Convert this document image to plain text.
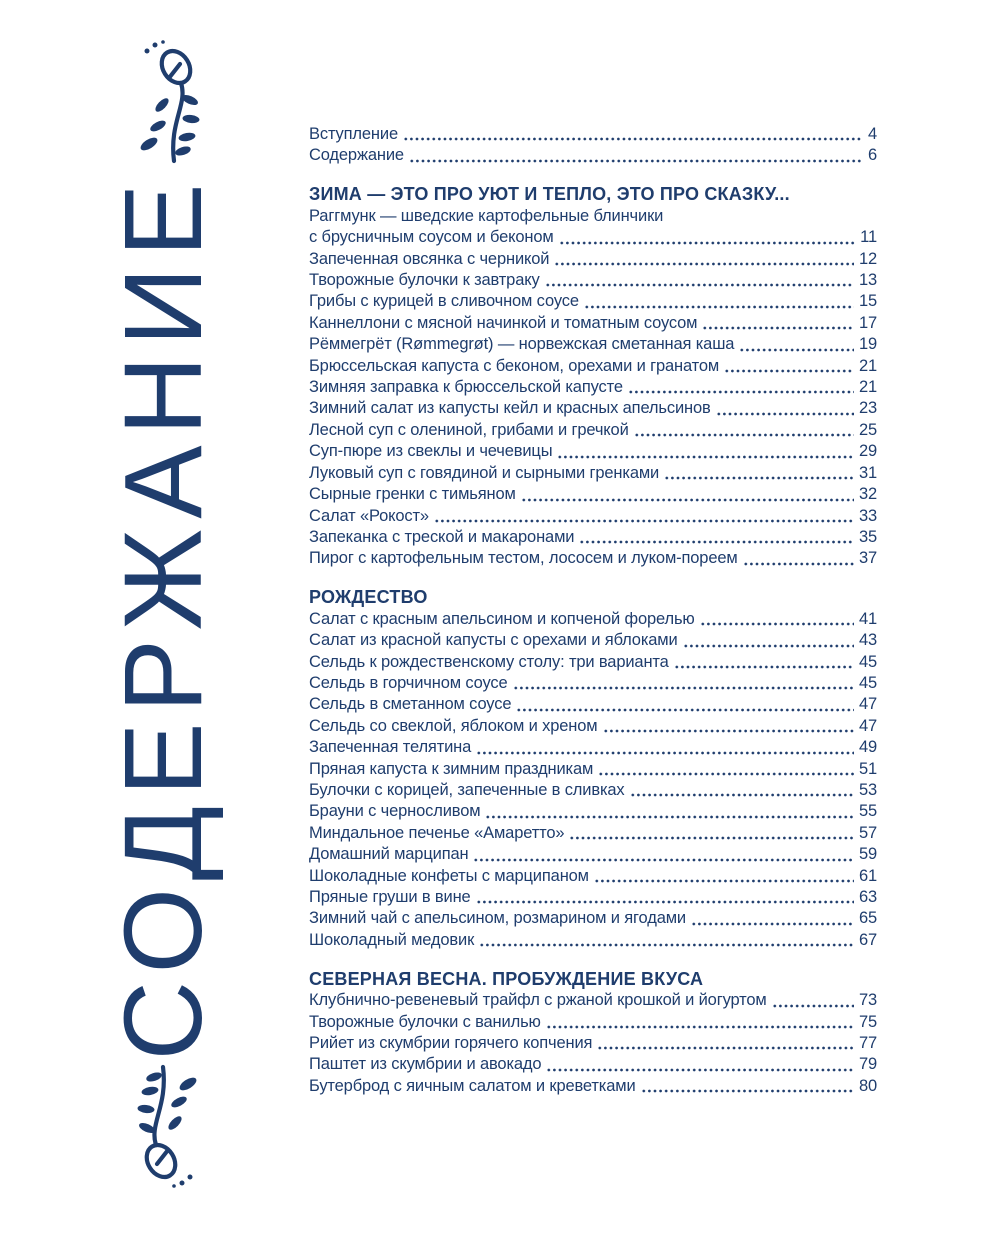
СОДЕРЖАНИЕ
Вступление	4
Содержание	6
ЗИМА — ЭТО ПРО УЮТ И ТЕПЛО, ЭТО ПРО СКАЗКУ...
Раггмунк — шведские картофельные блинчики
с брусничным соусом и беконом	11
Запеченная овсянка с черникой	12
Творожные булочки к завтраку	13
Грибы с курицей в сливочном соусе	15
Каннеллони с мясной начинкой и томатным соусом	17
Рёммегрёт (Rømmegrøt) — норвежская сметанная каша	19
Брюссельская капуста с беконом, орехами и гранатом	21
Зимняя заправка к брюссельской капусте	21
Зимний салат из капусты кейл и красных апельсинов	23
Лесной суп с олениной, грибами и гречкой	25
Суп-пюре из свеклы и чечевицы	29
Луковый суп с говядиной и сырными гренками	31
Сырные гренки с тимьяном	32
Салат «Рокост»	33
Запеканка с треской и макаронами	35
Пирог с картофельным тестом, лососем и луком-пореем	37
РОЖДЕСТВО
Салат с красным апельсином и копченой форелью	41
Салат из красной капусты с орехами и яблоками	43
Сельдь к рождественскому столу: три варианта	45
Сельдь в горчичном соусе	45
Сельдь в сметанном соусе	47
Сельдь со свеклой, яблоком и хреном	47
Запеченная телятина	49
Пряная капуста к зимним праздникам	51
Булочки с корицей, запеченные в сливках	53
Брауни с черносливом	55
Миндальное печенье «Амаретто»	57
Домашний марципан	59
Шоколадные конфеты с марципаном	61
Пряные груши в вине	63
Зимний чай с апельсином, розмарином и ягодами	65
Шоколадный медовик	67
СЕВЕРНАЯ ВЕСНА. ПРОБУЖДЕНИЕ ВКУСА
Клубнично-ревеневый трайфл с ржаной крошкой и йогуртом	73
Творожные булочки с ванилью	75
Рийет из скумбрии горячего копчения	77
Паштет из скумбрии и авокадо	79
Бутерброд с яичным салатом и креветками	80
